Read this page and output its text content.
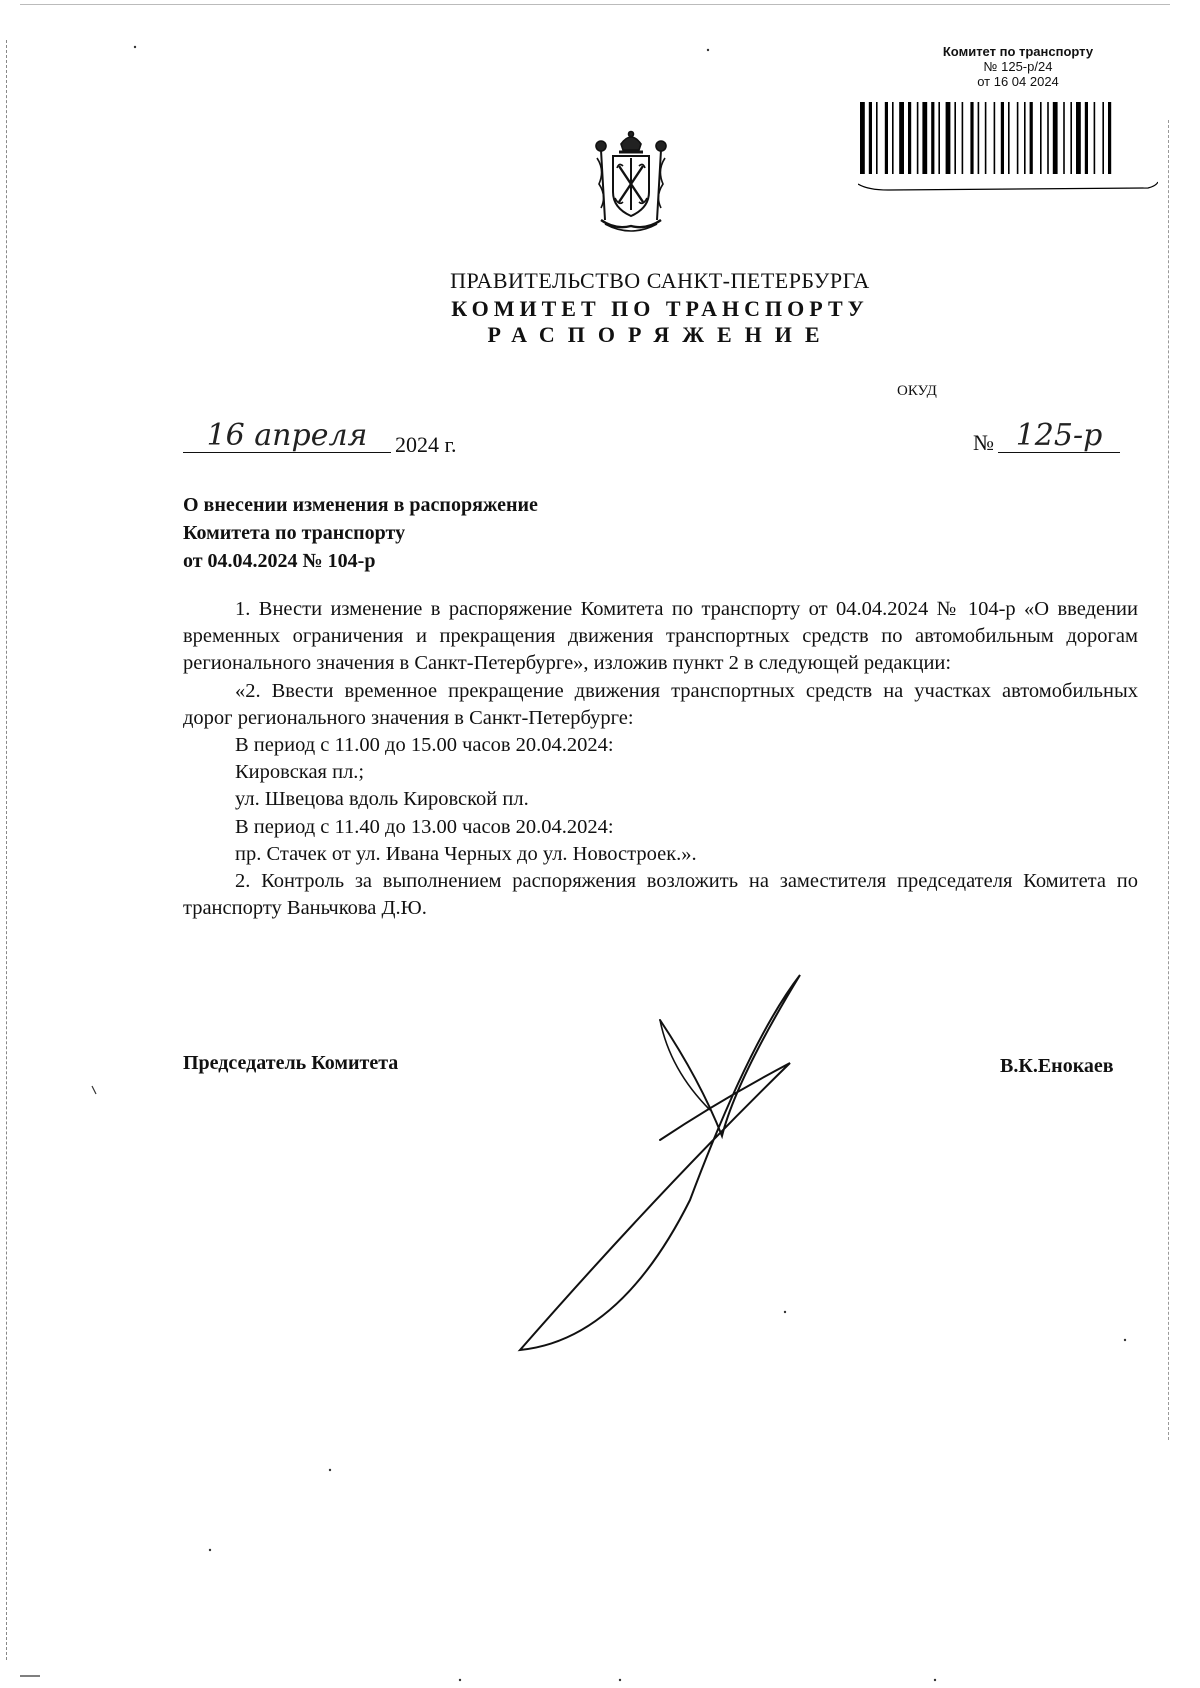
Комитет по транспорту
№ 125-р/24
от 16 04 2024
ПРАВИТЕЛЬСТВО САНКТ-ПЕТЕРБУРГА
КОМИТЕТ ПО ТРАНСПОРТУ
РАСПОРЯЖЕНИЕ
ОКУД
16 апреля	2024 г.	№ 125-р
О внесении изменения в распоряжение
Комитета по транспорту
от 04.04.2024 № 104-р

1. Внести изменение в распоряжение Комитета по транспорту от 04.04.2024 № 104-р «О введении временных ограничения и прекращения движения транспортных средств по автомобильным дорогам регионального значения в Санкт-Петербурге», изложив пункт 2 в следующей редакции:

«2. Ввести временное прекращение движения транспортных средств на участках автомобильных дорог регионального значения в Санкт-Петербурге:

В период с 11.00 до 15.00 часов 20.04.2024:

Кировская пл.;

ул. Швецова вдоль Кировской пл.

В период с 11.40 до 13.00 часов 20.04.2024:

пр. Стачек от ул. Ивана Черных до ул. Новостроек.».

2. Контроль за выполнением распоряжения возложить на заместителя председателя Комитета по транспорту Ваньчкова Д.Ю.

Председатель Комитета	В.К.Енокаев
